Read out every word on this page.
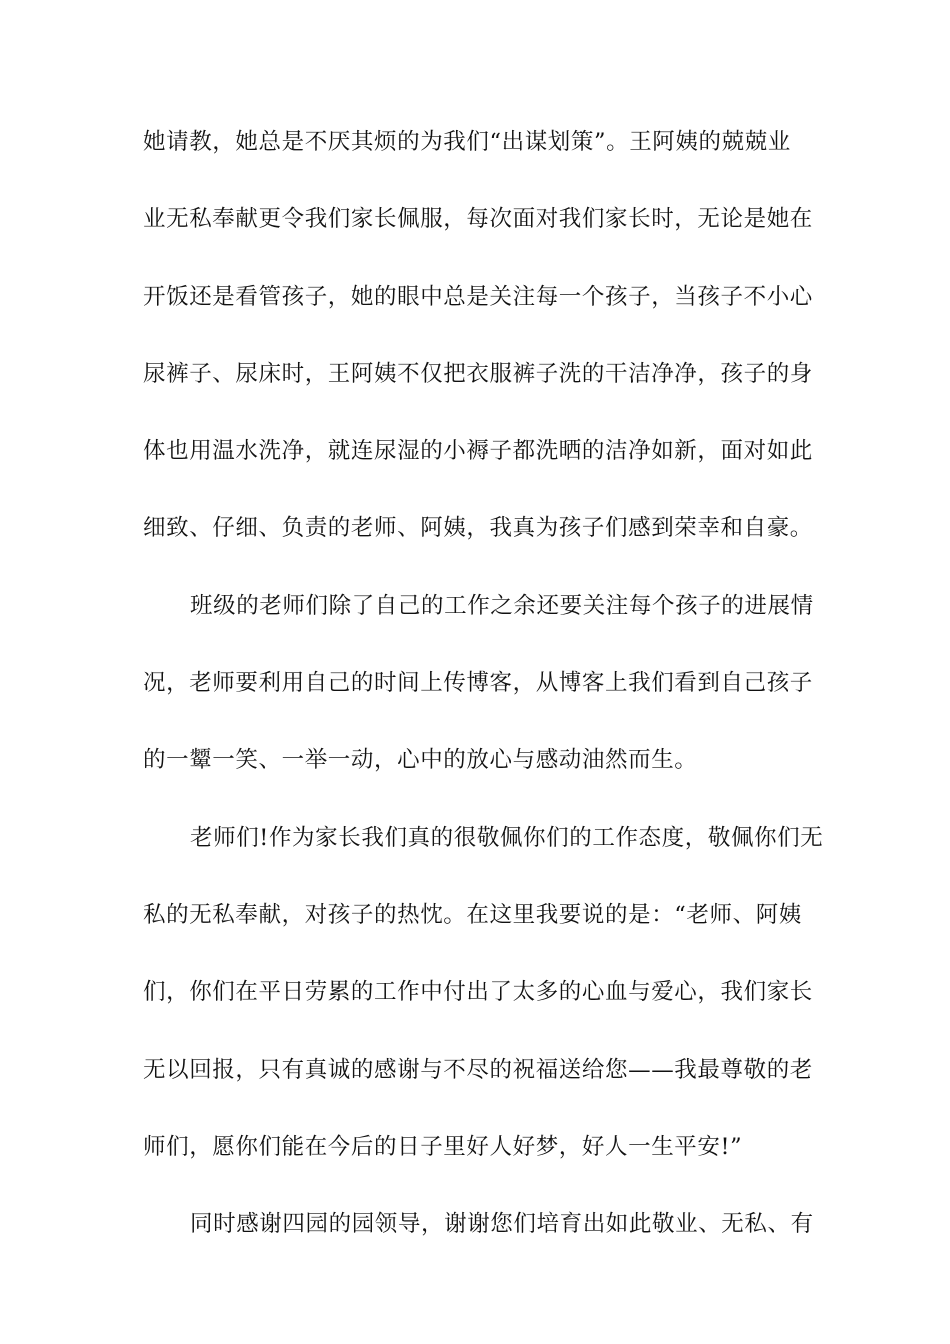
她请教，她总是不厌其烦的为我们“出谋划策”。王阿姨的兢兢业
业无私奉献更令我们家长佩服，每次面对我们家长时，无论是她在
开饭还是看管孩子，她的眼中总是关注每一个孩子，当孩子不小心
尿裤子、尿床时，王阿姨不仅把衣服裤子洗的干洁净净，孩子的身
体也用温水洗净，就连尿湿的小褥子都洗晒的洁净如新，面对如此
细致、仔细、负责的老师、阿姨，我真为孩子们感到荣幸和自豪。
班级的老师们除了自己的工作之余还要关注每个孩子的进展情
况，老师要利用自己的时间上传博客，从博客上我们看到自己孩子
的一颦一笑、一举一动，心中的放心与感动油然而生。
老师们!作为家长我们真的很敬佩你们的工作态度，敬佩你们无
私的无私奉献，对孩子的热忱。在这里我要说的是：“老师、阿姨
们，你们在平日劳累的工作中付出了太多的心血与爱心，我们家长
无以回报，只有真诚的感谢与不尽的祝福送给您——我最尊敬的老
师们，愿你们能在今后的日子里好人好梦，好人一生平安!”
同时感谢四园的园领导，谢谢您们培育出如此敬业、无私、有
